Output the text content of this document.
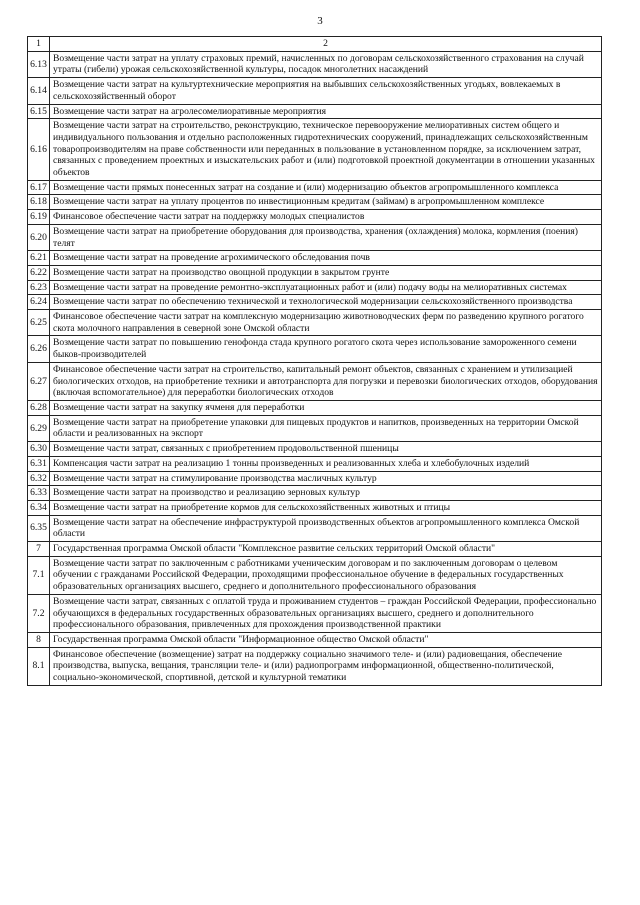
3
1	2
6.13	Возмещение части затрат на уплату страховых премий, начисленных по договорам сельскохозяйственного страхования на случай утраты (гибели) урожая сельскохозяйственной культуры, посадок многолетних насаждений
6.14	Возмещение части затрат на культуртехнические мероприятия на выбывших сельскохозяйственных угодьях, вовлекаемых в сельскохозяйственный оборот
6.15	Возмещение части затрат на агролесомелиоративные мероприятия
6.16	Возмещение части затрат на строительство, реконструкцию, техническое перевооружение мелиоративных систем общего и индивидуального пользования и отдельно расположенных гидротехнических сооружений, принадлежащих сельскохозяйственным товаропроизводителям на праве собственности или переданных в пользование в установленном порядке, за исключением затрат, связанных с проведением проектных и изыскательских работ и (или) подготовкой проектной документации в отношении указанных объектов
6.17	Возмещение части прямых понесенных затрат на создание и (или) модернизацию объектов агропромышленного комплекса
6.18	Возмещение части затрат на уплату процентов по инвестиционным кредитам (займам) в агропромышленном комплексе
6.19	Финансовое обеспечение части затрат на поддержку молодых специалистов
6.20	Возмещение части затрат на приобретение оборудования для производства, хранения (охлаждения) молока, кормления (поения) телят
6.21	Возмещение части затрат на проведение агрохимического обследования почв
6.22	Возмещение части затрат на производство овощной продукции в закрытом грунте
6.23	Возмещение части затрат на проведение ремонтно-эксплуатационных работ и (или) подачу воды на мелиоративных системах
6.24	Возмещение части затрат по обеспечению технической и технологической модернизации сельскохозяйственного производства
6.25	Финансовое обеспечение части затрат на комплексную модернизацию животноводческих ферм по разведению крупного рогатого скота молочного направления в северной зоне Омской области
6.26	Возмещение части затрат по повышению генофонда стада крупного рогатого скота через использование замороженного семени быков-производителей
6.27	Финансовое обеспечение части затрат на строительство, капитальный ремонт объектов, связанных с хранением и утилизацией биологических отходов, на приобретение техники и автотранспорта для погрузки и перевозки биологических отходов, оборудования (включая вспомогательное) для переработки биологических отходов
6.28	Возмещение части затрат на закупку ячменя для переработки
6.29	Возмещение части затрат на приобретение упаковки для пищевых продуктов и напитков, произведенных на территории Омской области и реализованных на экспорт
6.30	Возмещение части затрат, связанных с приобретением продовольственной пшеницы
6.31	Компенсация части затрат на реализацию 1 тонны произведенных и реализованных хлеба и хлебобулочных изделий
6.32	Возмещение части затрат на стимулирование производства масличных культур
6.33	Возмещение части затрат на производство и реализацию зерновых культур
6.34	Возмещение части затрат на приобретение кормов для сельскохозяйственных животных и птицы
6.35	Возмещение части затрат на обеспечение инфраструктурой производственных объектов агропромышленного комплекса Омской области
7	Государственная программа Омской области "Комплексное развитие сельских территорий Омской области"
7.1	Возмещение части затрат по заключенным с работниками ученическим договорам и по заключенным договорам о целевом обучении с гражданами Российской Федерации, проходящими профессиональное обучение в федеральных государственных образовательных организациях высшего, среднего и дополнительного профессионального образования
7.2	Возмещение части затрат, связанных с оплатой труда и проживанием студентов – граждан Российской Федерации, профессионально обучающихся в федеральных государственных образовательных организациях высшего, среднего и дополнительного профессионального образования, привлеченных для прохождения производственной практики
8	Государственная программа Омской области "Информационное общество Омской области"
8.1	Финансовое обеспечение (возмещение) затрат на поддержку социально значимого теле- и (или) радиовещания, обеспечение производства, выпуска, вещания, трансляции теле- и (или) радиопрограмм информационной, общественно-политической, социально-экономической, спортивной, детской и культурной тематики
